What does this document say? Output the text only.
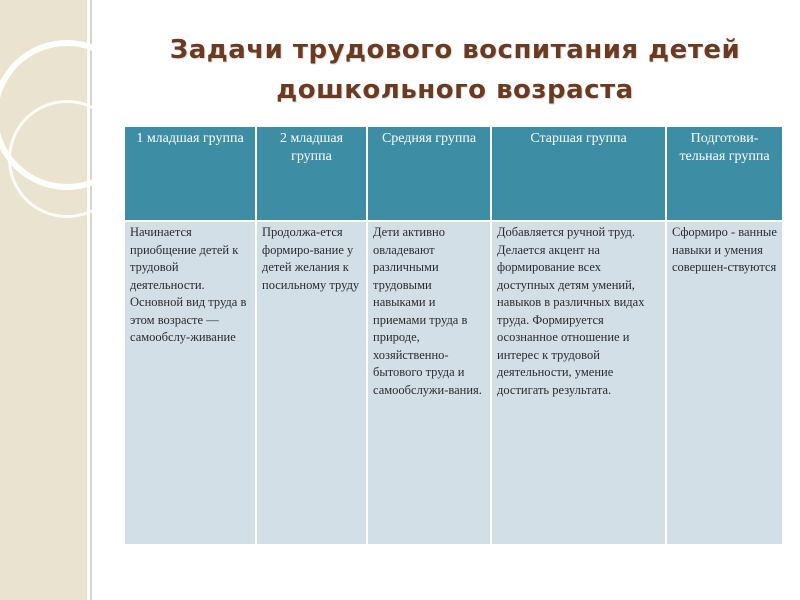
Задачи трудового воспитания детей
дошкольного возраста
1 младшая группа	2 младшая группа	Средняя группа	Старшая группа	Подготови-тельная группа
Начинается приобщение детей к трудовой деятельности. Основной вид труда в этом возрасте — самообслу-живание	Продолжа-ется формиро-вание у детей желания к посильному труду	Дети активно овладевают различными трудовыми навыками и приемами труда в природе, хозяйственно-бытового труда и самообслужи-вания.	Добавляется ручной труд. Делается акцент на формирование всех доступных детям умений, навыков в различных видах труда. Формируется осознанное отношение и интерес к трудовой деятельности, умение достигать результата.	Сформиро - ванные навыки и умения совершен-ствуются
